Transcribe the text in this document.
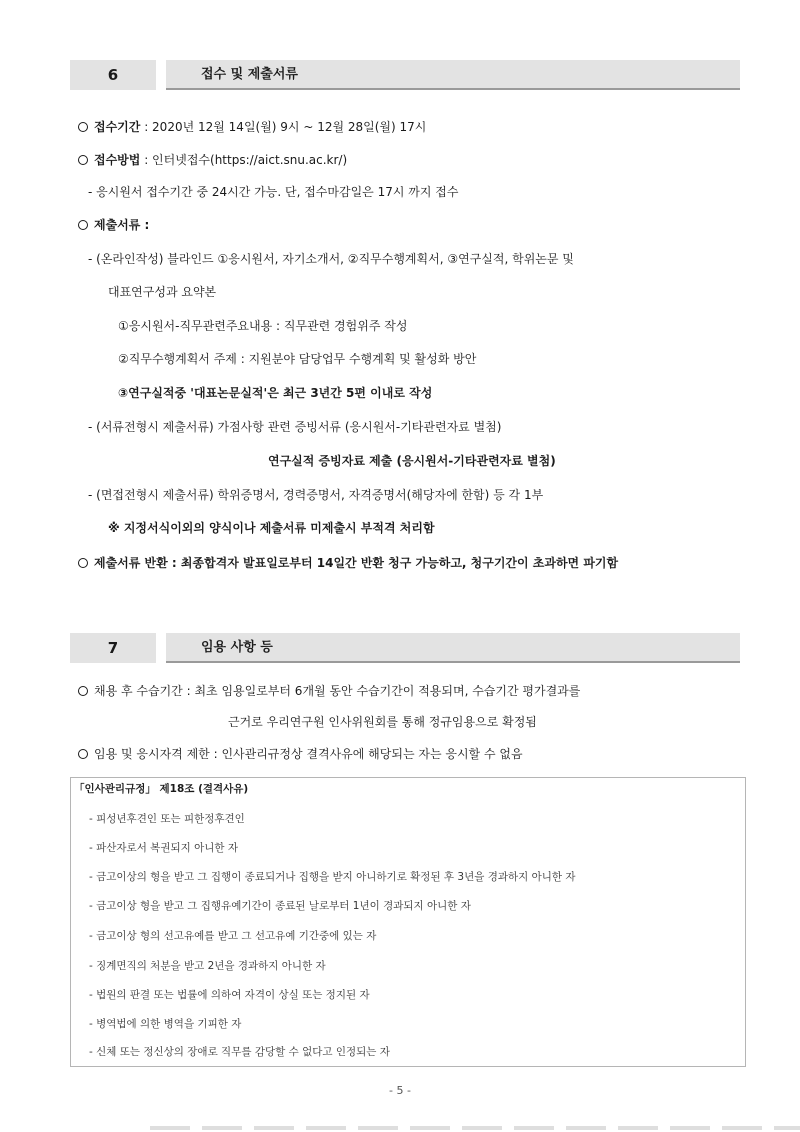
6	접수 및 제출서류
접수기간 : 2020년 12월 14일(월) 9시 ~ 12월 28일(월) 17시
접수방법 : 인터넷접수(https://aict.snu.ac.kr/)
- 응시원서 접수기간 중 24시간 가능. 단, 접수마감일은 17시 까지 접수
제출서류 :
- (온라인작성) 블라인드 ①응시원서, 자기소개서, ②직무수행계획서, ③연구실적, 학위논문 및
대표연구성과 요약본
①응시원서-직무관련주요내용 : 직무관련 경험위주 작성
②직무수행계획서 주제 : 지원분야 담당업무 수행계획 및 활성화 방안
③연구실적중 '대표논문실적'은 최근 3년간 5편 이내로 작성
- (서류전형시 제출서류) 가점사항 관련 증빙서류 (응시원서-기타관련자료 별첨)
연구실적 증빙자료 제출 (응시원서-기타관련자료 별첨)
- (면접전형시 제출서류) 학위증명서, 경력증명서, 자격증명서(해당자에 한함) 등 각 1부
※ 지정서식이외의 양식이나 제출서류 미제출시 부적격 처리함
제출서류 반환 : 최종합격자 발표일로부터 14일간 반환 청구 가능하고, 청구기간이 초과하면 파기함
7	임용 사항 등
채용 후 수습기간 : 최초 임용일로부터 6개월 동안 수습기간이 적용되며, 수습기간 평가결과를
근거로 우리연구원 인사위원회를 통해 정규임용으로 확정됨
임용 및 응시자격 제한 : 인사관리규정상 결격사유에 해당되는 자는 응시할 수 없음
「인사관리규정」 제18조 (결격사유)
- 피성년후견인 또는 피한정후견인
- 파산자로서 복권되지 아니한 자
- 금고이상의 형을 받고 그 집행이 종료되거나 집행을 받지 아니하기로 확정된 후 3년을 경과하지 아니한 자
- 금고이상 형을 받고 그 집행유예기간이 종료된 날로부터 1년이 경과되지 아니한 자
- 금고이상 형의 선고유예를 받고 그 선고유예 기간중에 있는 자
- 징계면직의 처분을 받고 2년을 경과하지 아니한 자
- 법원의 판결 또는 법률에 의하여 자격이 상실 또는 정지된 자
- 병역법에 의한 병역을 기피한 자
- 신체 또는 정신상의 장애로 직무를 감당할 수 없다고 인정되는 자
- 5 -
